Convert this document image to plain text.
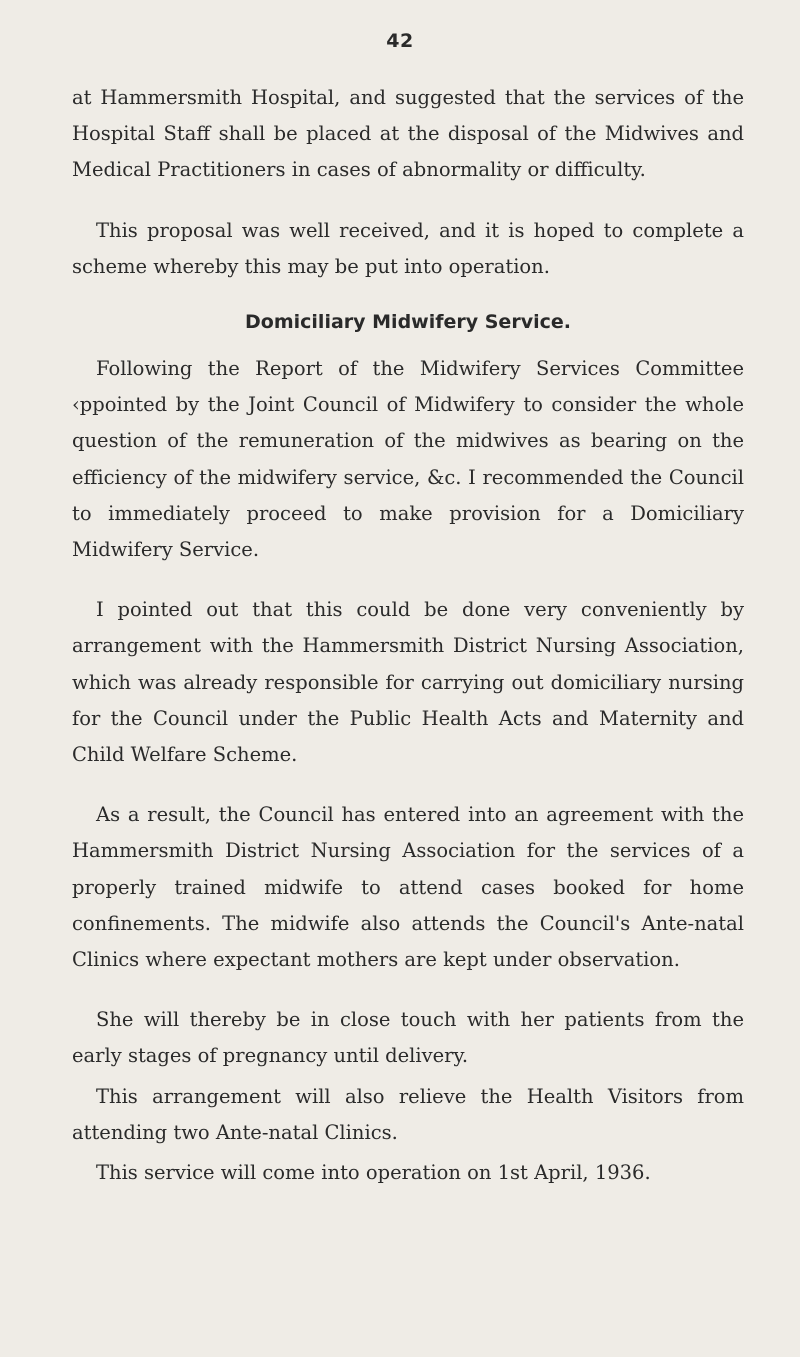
42

at Hammersmith Hospital, and suggested that the services of the Hospital Staff shall be placed at the disposal of the Midwives and Medical Practitioners in cases of abnormality or difficulty.

This proposal was well received, and it is hoped to complete a scheme whereby this may be put into operation.

Domiciliary Midwifery Service.

Following the Report of the Midwifery Services Committee ‹ppointed by the Joint Council of Midwifery to consider the whole question of the remuneration of the midwives as bearing on the efficiency of the midwifery service, &c. I recommended the Council to immediately proceed to make provision for a Domiciliary Midwifery Service.

I pointed out that this could be done very conveniently by arrangement with the Hammersmith District Nursing Association, which was already responsible for carrying out domiciliary nursing for the Council under the Public Health Acts and Maternity and Child Welfare Scheme.

As a result, the Council has entered into an agreement with the Hammersmith District Nursing Association for the services of a properly trained midwife to attend cases booked for home confinements. The midwife also attends the Council's Ante-natal Clinics where expectant mothers are kept under observation.

She will thereby be in close touch with her patients from the early stages of pregnancy until delivery.

This arrangement will also relieve the Health Visitors from attending two Ante-natal Clinics.

This service will come into operation on 1st April, 1936.
